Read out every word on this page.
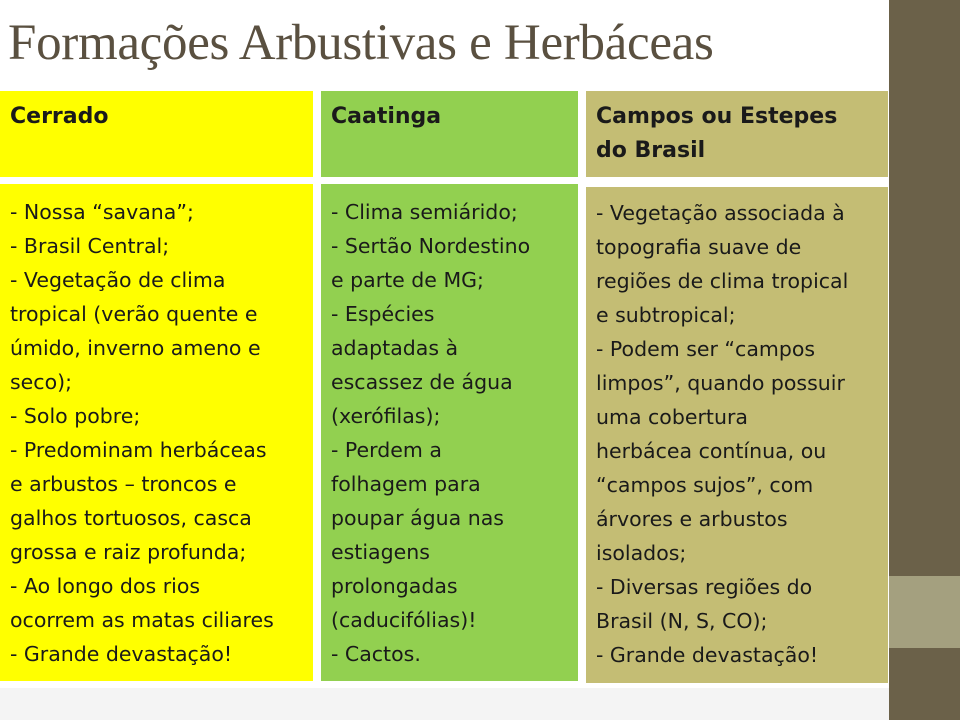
Formações Arbustivas e Herbáceas
Cerrado
- Nossa “savana”;
- Brasil Central;
- Vegetação de clima
tropical (verão quente e
úmido, inverno ameno e
seco);
- Solo pobre;
- Predominam herbáceas
e arbustos – troncos e
galhos tortuosos, casca
grossa e raiz profunda;
- Ao longo dos rios
ocorrem as matas ciliares
- Grande devastação!
Caatinga
- Clima semiárido;
- Sertão Nordestino
e parte de MG;
- Espécies
adaptadas à
escassez de água
(xerófilas);
- Perdem a
folhagem para
poupar água nas
estiagens
prolongadas
(caducifólias)!
- Cactos.
Campos ou Estepes
do Brasil
- Vegetação associada à
topografia suave de
regiões de clima tropical
e subtropical;
- Podem ser “campos
limpos”, quando possuir
uma cobertura
herbácea contínua, ou
“campos sujos”, com
árvores e arbustos
isolados;
- Diversas regiões do
Brasil (N, S, CO);
- Grande devastação!
